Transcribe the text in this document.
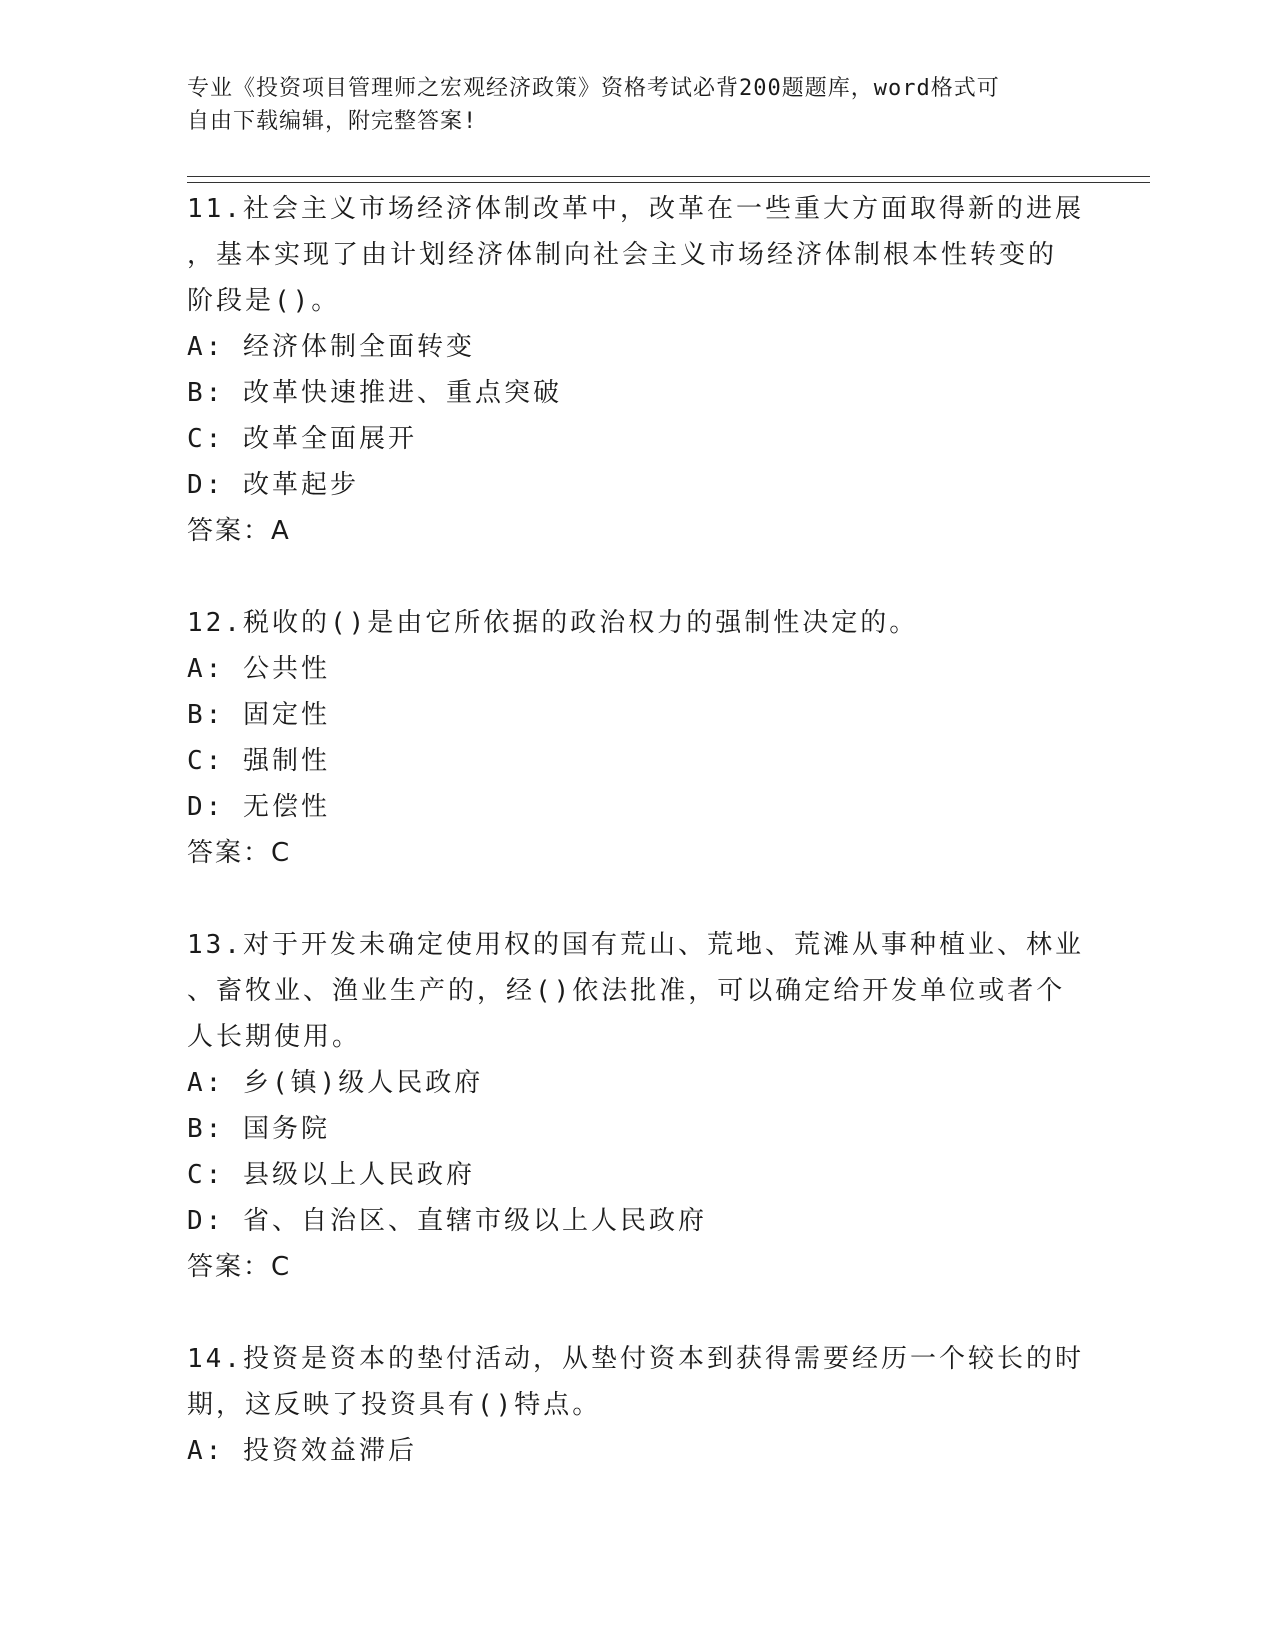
专业《投资项目管理师之宏观经济政策》资格考试必背200题题库，word格式可
自由下载编辑，附完整答案!
11.社会主义市场经济体制改革中，改革在一些重大方面取得新的进展
，基本实现了由计划经济体制向社会主义市场经济体制根本性转变的
阶段是()。
A: 经济体制全面转变
B: 改革快速推进、重点突破
C: 改革全面展开
D: 改革起步
答案：A
12.税收的()是由它所依据的政治权力的强制性决定的。
A: 公共性
B: 固定性
C: 强制性
D: 无偿性
答案：C
13.对于开发未确定使用权的国有荒山、荒地、荒滩从事种植业、林业
、畜牧业、渔业生产的，经()依法批准，可以确定给开发单位或者个
人长期使用。
A: 乡(镇)级人民政府
B: 国务院
C: 县级以上人民政府
D: 省、自治区、直辖市级以上人民政府
答案：C
14.投资是资本的垫付活动，从垫付资本到获得需要经历一个较长的时
期，这反映了投资具有()特点。
A: 投资效益滞后
